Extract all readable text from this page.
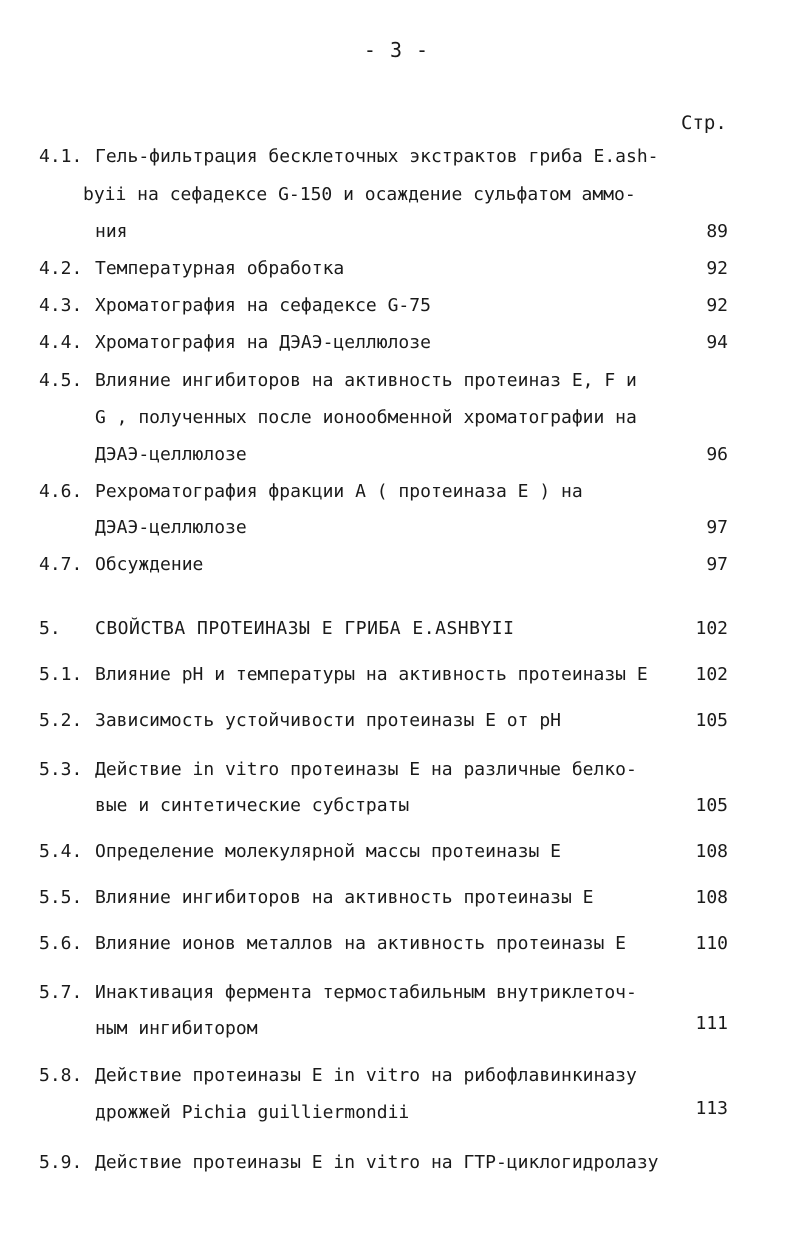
- 3 -
Стр.
4.1. Гель-фильтрация бесклеточных экстрактов гриба E.ash-
byii на сефадексе G-150 и осаждение сульфатом аммо-
ния	89
4.2. Температурная обработка	92
4.3. Хроматография на сефадексе G-75	92
4.4. Хроматография на ДЭАЭ-целлюлозе	94
4.5. Влияние ингибиторов на активность протеиназ E, F и
G , полученных после ионообменной хроматографии на
ДЭАЭ-целлюлозе	96
4.6. Рехроматография фракции A ( протеиназа E ) на
ДЭАЭ-целлюлозе	97
4.7. Обсуждение	97
5. СВОЙСТВА ПРОТЕИНАЗЫ E ГРИБА E.ASHBYII	102
5.1. Влияние pH и температуры на активность протеиназы E	102
5.2. Зависимость устойчивости протеиназы E от pH	105
5.3. Действие in vitro протеиназы E на различные белко-
вые и синтетические субстраты	105
5.4. Определение молекулярной массы протеиназы E	108
5.5. Влияние ингибиторов на активность протеиназы E	108
5.6. Влияние ионов металлов на активность протеиназы E	110
5.7. Инактивация фермента термостабильным внутриклеточ-
ным ингибитором	111
5.8. Действие протеиназы E in vitro на рибофлавинкиназу
дрожжей Pichia guilliermondii	113
5.9. Действие протеиназы E in vitro на ГТР-циклогидролазу
